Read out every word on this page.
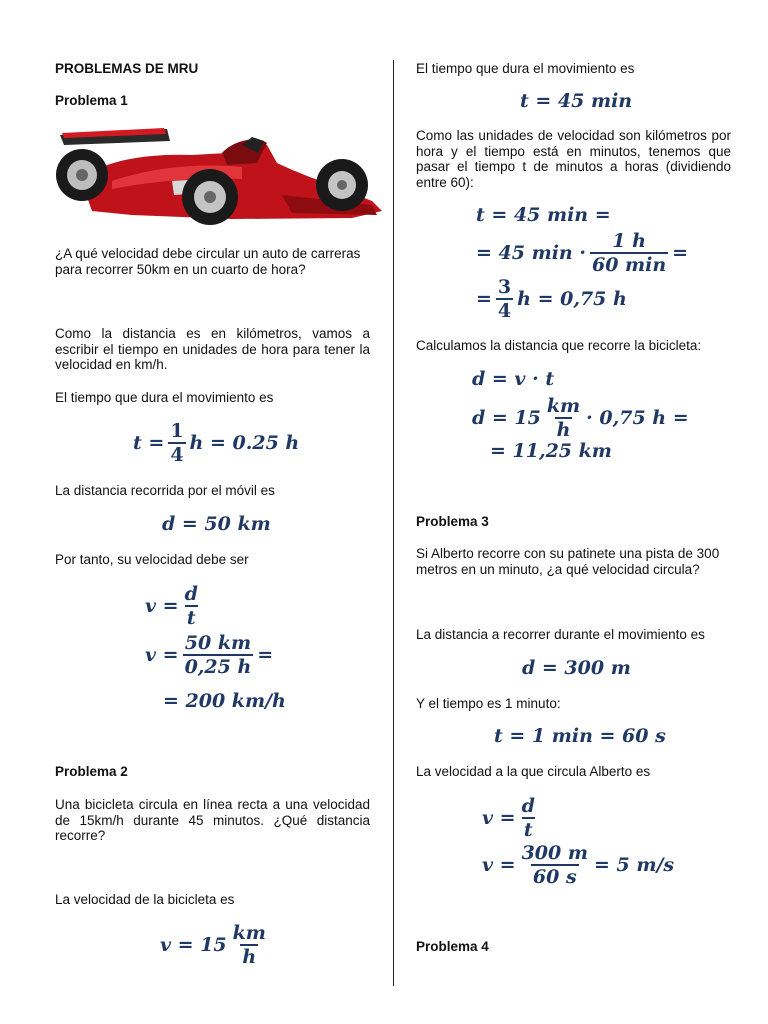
PROBLEMAS DE MRU
Problema 1
¿A qué velocidad debe circular un auto de carreras para recorrer 50km en un cuarto de hora?
Como la distancia es en kilómetros, vamos a escribir el tiempo en unidades de hora para tener la velocidad en km/h.
El tiempo que dura el movimiento es
$t = \frac{1}{4}$ h = 0.25 h
La distancia recorrida por el móvil es
d = 50 km
Por tanto, su velocidad debe ser
$v = \frac{d}{t}$
$v = \frac{50 km}{0,25 h}$ =
= 200 km/h
Problema 2
Una bicicleta circula en línea recta a una velocidad de 15km/h durante 45 minutos. ¿Qué distancia recorre?
La velocidad de la bicicleta es
$v = 15 \frac{km}{h}$
El tiempo que dura el movimiento es
t = 45 min
Como las unidades de velocidad son kilómetros por hora y el tiempo está en minutos, tenemos que pasar el tiempo t de minutos a horas (dividiendo entre 60):
t = 45 min =
= 45 $\min \cdot \frac{1 h}{60 \min}$ =
= $\frac{3}{4}$ h = 0,75 h
Calculamos la distancia que recorre la bicicleta:
d = v · t
$d = 15 \frac{km}{h} \cdot 0,75$ h =
= 11,25 km
Problema 3
Si Alberto recorre con su patinete una pista de 300 metros en un minuto, ¿a qué velocidad circula?
La distancia a recorrer durante el movimiento es
d = 300 m
Y el tiempo es 1 minuto:
t = 1 min = 60 s
La velocidad a la que circula Alberto es
$v = \frac{d}{t}$
$v = \frac{300 m}{60 s} = 5$ m/s
Problema 4
